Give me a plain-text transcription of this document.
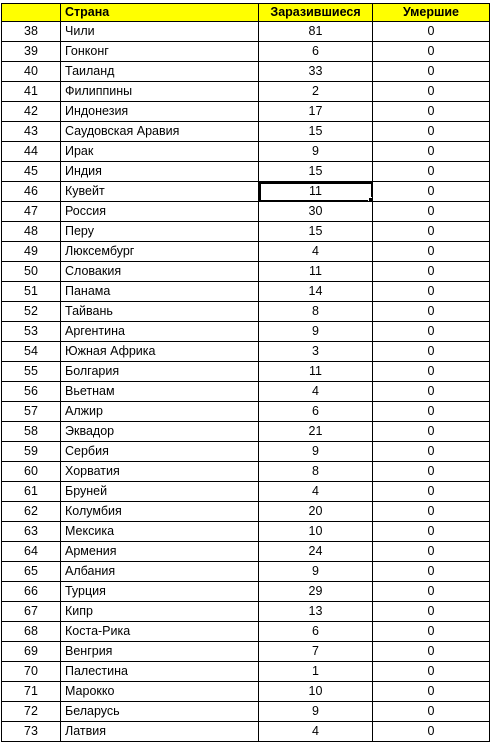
	Страна	Заразившиеся	Умершие
38	Чили	81	0
39	Гонконг	6	0
40	Таиланд	33	0
41	Филиппины	2	0
42	Индонезия	17	0
43	Саудовская Аравия	15	0
44	Ирак	9	0
45	Индия	15	0
46	Кувейт	11	0
47	Россия	30	0
48	Перу	15	0
49	Люксембург	4	0
50	Словакия	11	0
51	Панама	14	0
52	Тайвань	8	0
53	Аргентина	9	0
54	Южная Африка	3	0
55	Болгария	11	0
56	Вьетнам	4	0
57	Алжир	6	0
58	Эквадор	21	0
59	Сербия	9	0
60	Хорватия	8	0
61	Бруней	4	0
62	Колумбия	20	0
63	Мексика	10	0
64	Армения	24	0
65	Албания	9	0
66	Турция	29	0
67	Кипр	13	0
68	Коста-Рика	6	0
69	Венгрия	7	0
70	Палестина	1	0
71	Марокко	10	0
72	Беларусь	9	0
73	Латвия	4	0
